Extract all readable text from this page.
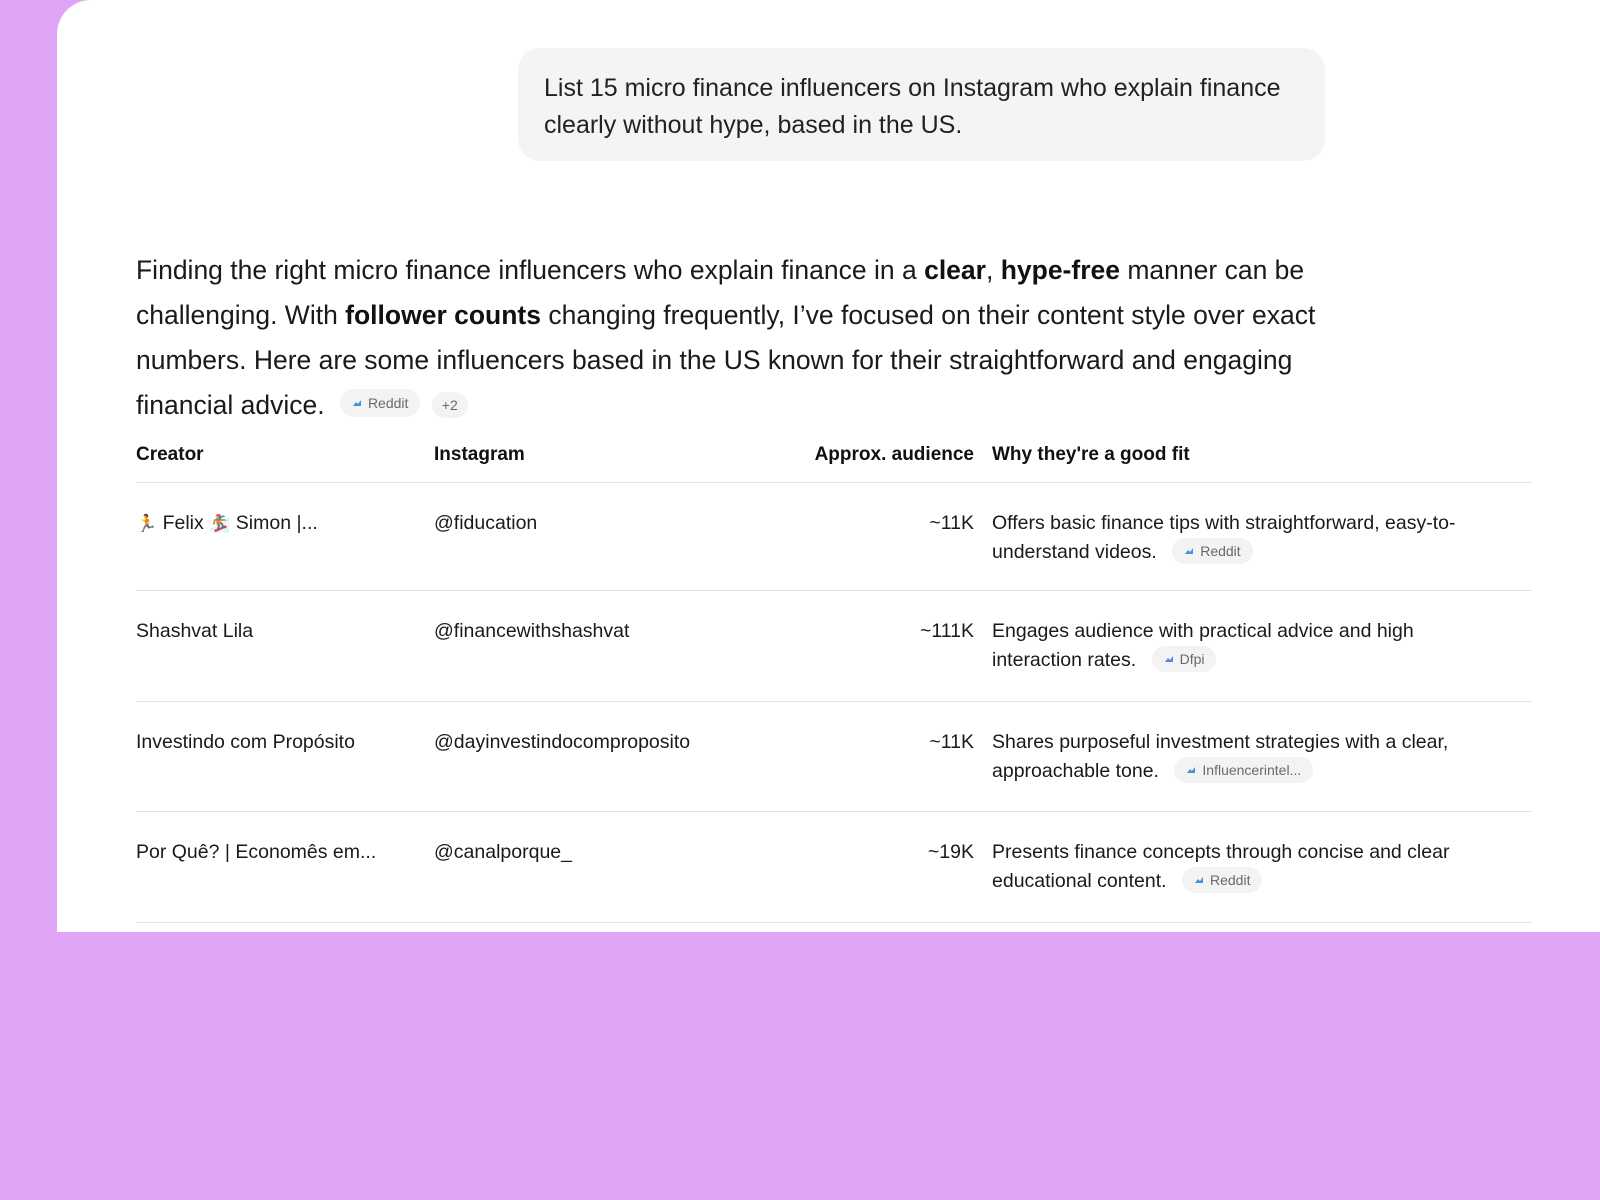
List 15 micro finance influencers on Instagram who explain finance clearly without hype, based in the US.
Finding the right micro finance influencers who explain finance in a clear, hype-free manner can be challenging. With follower counts changing frequently, I’ve focused on their content style over exact numbers. Here are some influencers based in the US known for their straightforward and engaging financial advice.	Reddit
+2
Creator	Instagram	Approx. audience Why they're a good fit
🏃 Felix 🏂 Simon |...	@fiducation	~11K Offers basic finance tips with straightforward, easy-to-understand videos.	Reddit
Shashvat Lila	@financewithshashvat	~111K Engages audience with practical advice and high interaction rates.	Dfpi
Investindo com Propósito	@dayinvestindocomproposito	~11K Shares purposeful investment strategies with a clear, approachable tone.	Influencerintel...
Por Quê? | Economês em...	@canalporque_	~19K Presents finance concepts through concise and clear educational content.	Reddit
